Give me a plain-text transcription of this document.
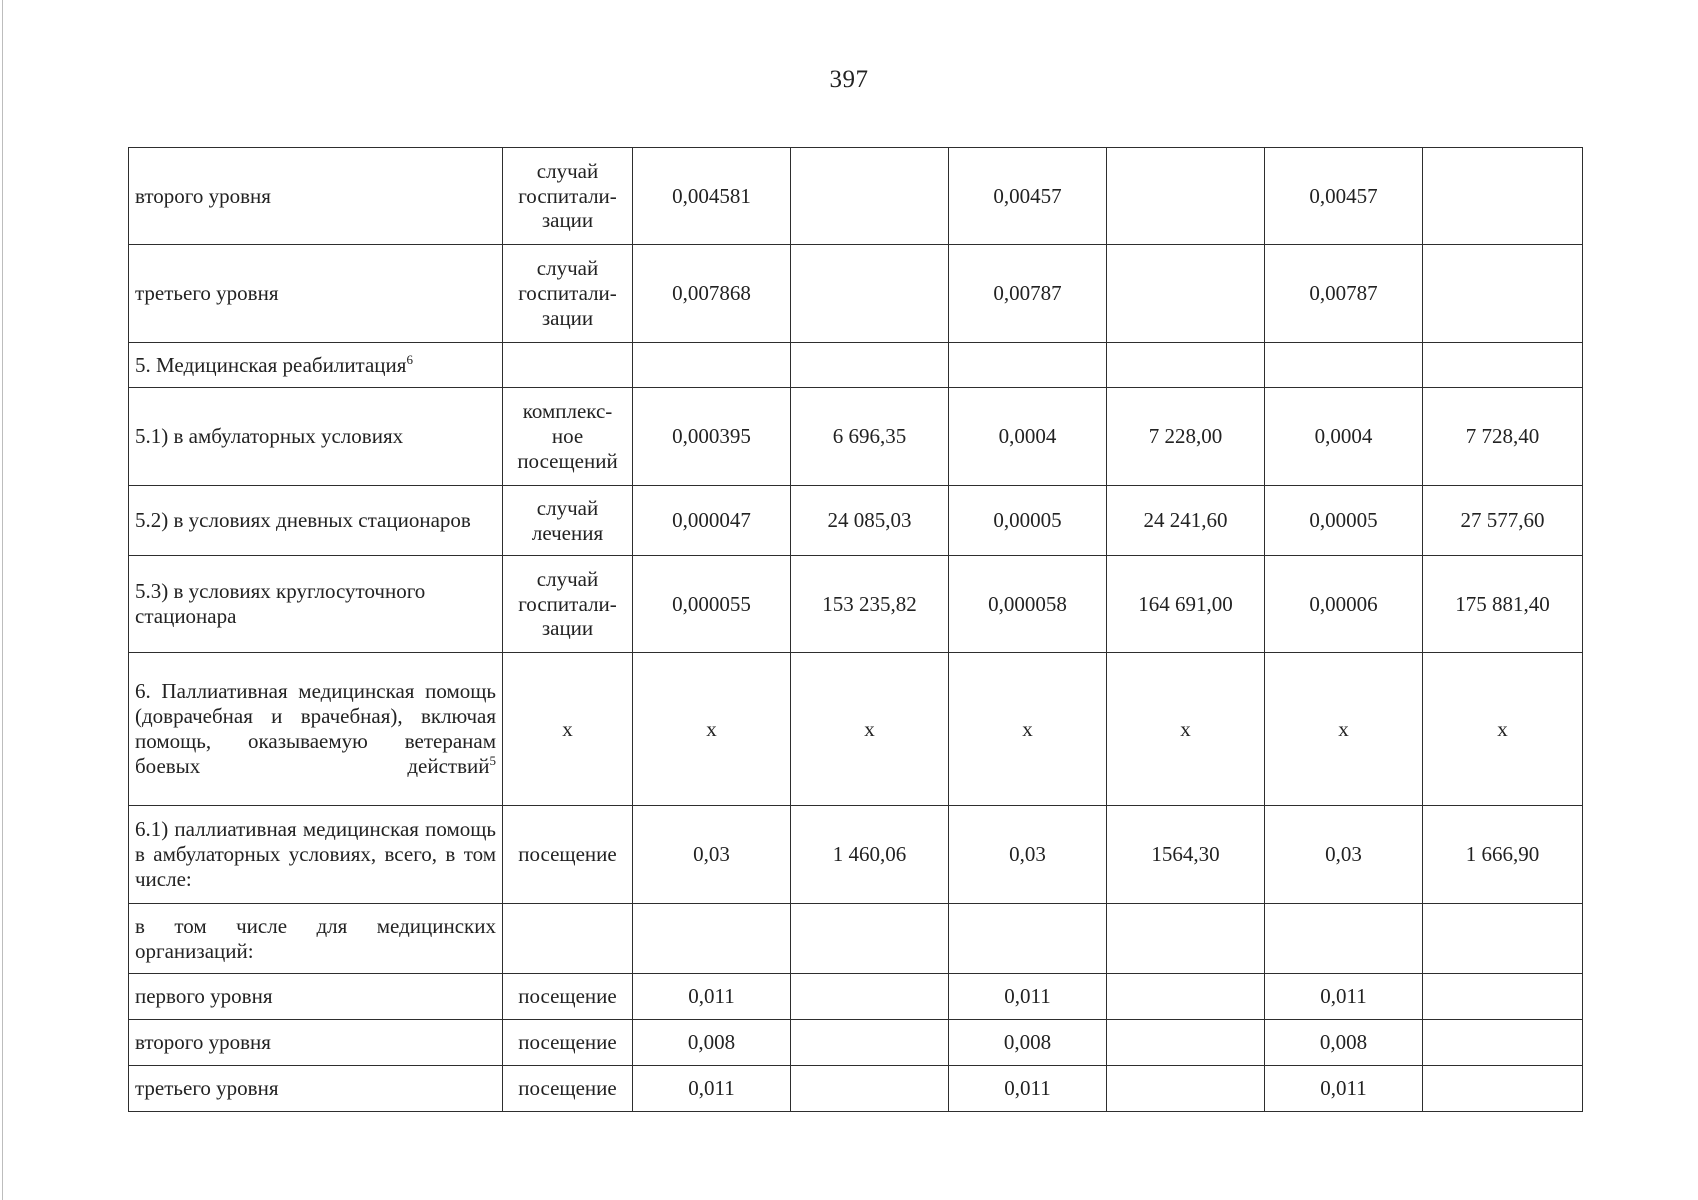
397
второго уровня	случай госпитали-зации	0,004581		0,00457		0,00457	
третьего уровня	случай госпитали-зации	0,007868		0,00787		0,00787	
5. Медицинская реабилитация$^6$							
5.1) в амбулаторных условиях	комплекс-ное посещений	0,000395	6 696,35	0,0004	7 228,00	0,0004	7 728,40
5.2) в условиях дневных стационаров	случай лечения	0,000047	24 085,03	0,00005	24 241,60	0,00005	27 577,60
5.3) в условиях круглосуточного стационара	случай госпитали-зации	0,000055	153 235,82	0,000058	164 691,00	0,00006	175 881,40
6. Паллиативная медицинская помощь (доврачебная и врачебная), включая помощь, оказываемую ветеранам боевых действий$^5$	х	х	х	х	х	х	х
6.1) паллиативная медицинская помощь в амбулаторных условиях, всего, в том числе:	посещение	0,03	1 460,06	0,03	1564,30	0,03	1 666,90
в том числе для медицинских организаций:							
первого уровня	посещение	0,011		0,011		0,011	
второго уровня	посещение	0,008		0,008		0,008	
третьего уровня	посещение	0,011		0,011		0,011	
